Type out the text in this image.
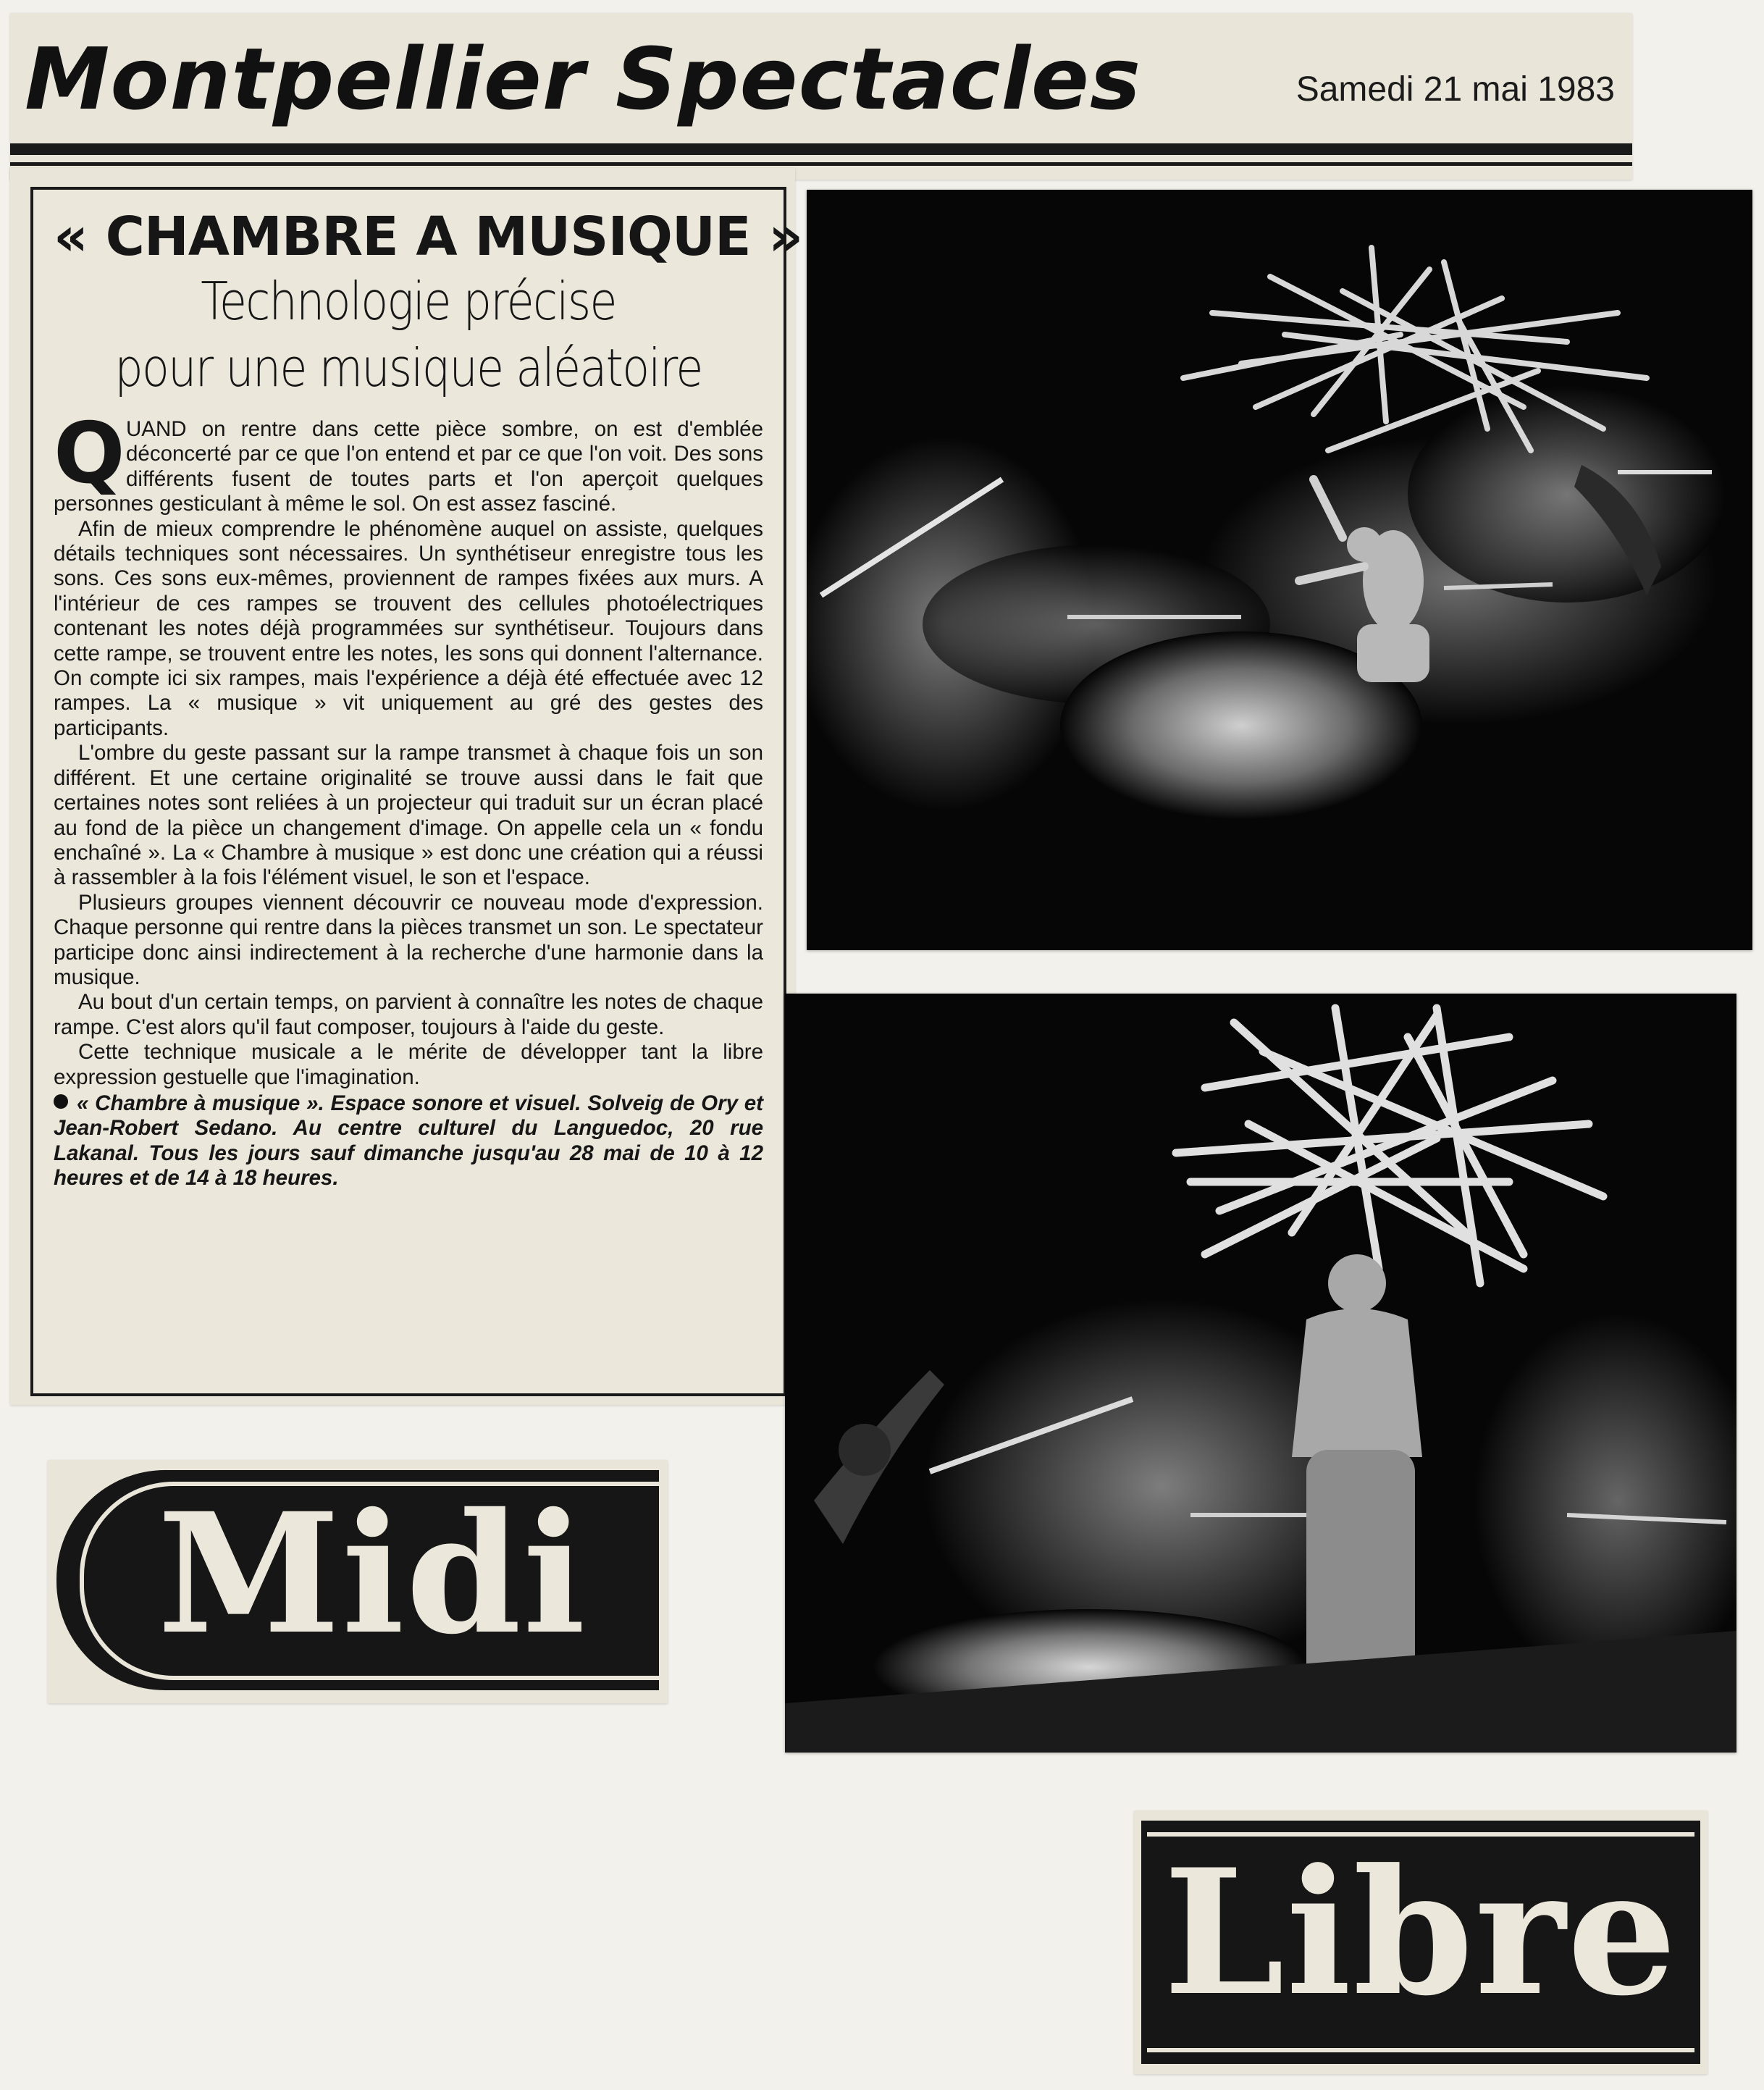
Montpellier Spectacles	Samedi 21 mai 1983
« CHAMBRE A MUSIQUE »
Technologie précise
pour une musique aléatoire

QUAND on rentre dans cette pièce sombre, on est d'emblée déconcerté par ce que l'on entend et par ce que l'on voit. Des sons différents fusent de toutes parts et l'on aperçoit quelques personnes gesticulant à même le sol. On est assez fasciné.

Afin de mieux comprendre le phénomène auquel on assiste, quelques détails techniques sont nécessaires. Un synthétiseur enregistre tous les sons. Ces sons eux-mêmes, proviennent de rampes fixées aux murs. A l'intérieur de ces rampes se trouvent des cellules photoélectriques contenant les notes déjà programmées sur synthétiseur. Toujours dans cette rampe, se trouvent entre les notes, les sons qui donnent l'alternance. On compte ici six rampes, mais l'expérience a déjà été effectuée avec 12 rampes. La « musique » vit uniquement au gré des gestes des participants.

L'ombre du geste passant sur la rampe transmet à chaque fois un son différent. Et une certaine originalité se trouve aussi dans le fait que certaines notes sont reliées à un projecteur qui traduit sur un écran placé au fond de la pièce un changement d'image. On appelle cela un « fondu enchaîné ». La « Chambre à musique » est donc une création qui a réussi à rassembler à la fois l'élément visuel, le son et l'espace.

Plusieurs groupes viennent découvrir ce nouveau mode d'expression. Chaque personne qui rentre dans la pièces transmet un son. Le spectateur participe donc ainsi indirectement à la recherche d'une harmonie dans la musique.

Au bout d'un certain temps, on parvient à connaître les notes de chaque rampe. C'est alors qu'il faut composer, toujours à l'aide du geste.

Cette technique musicale a le mérite de développer tant la libre expression gestuelle que l'imagination.

« Chambre à musique ». Espace sonore et visuel. Solveig de Ory et Jean-Robert Sedano. Au centre culturel du Languedoc, 20 rue Lakanal. Tous les jours sauf dimanche jusqu'au 28 mai de 10 à 12 heures et de 14 à 18 heures.
Midi
Libre
